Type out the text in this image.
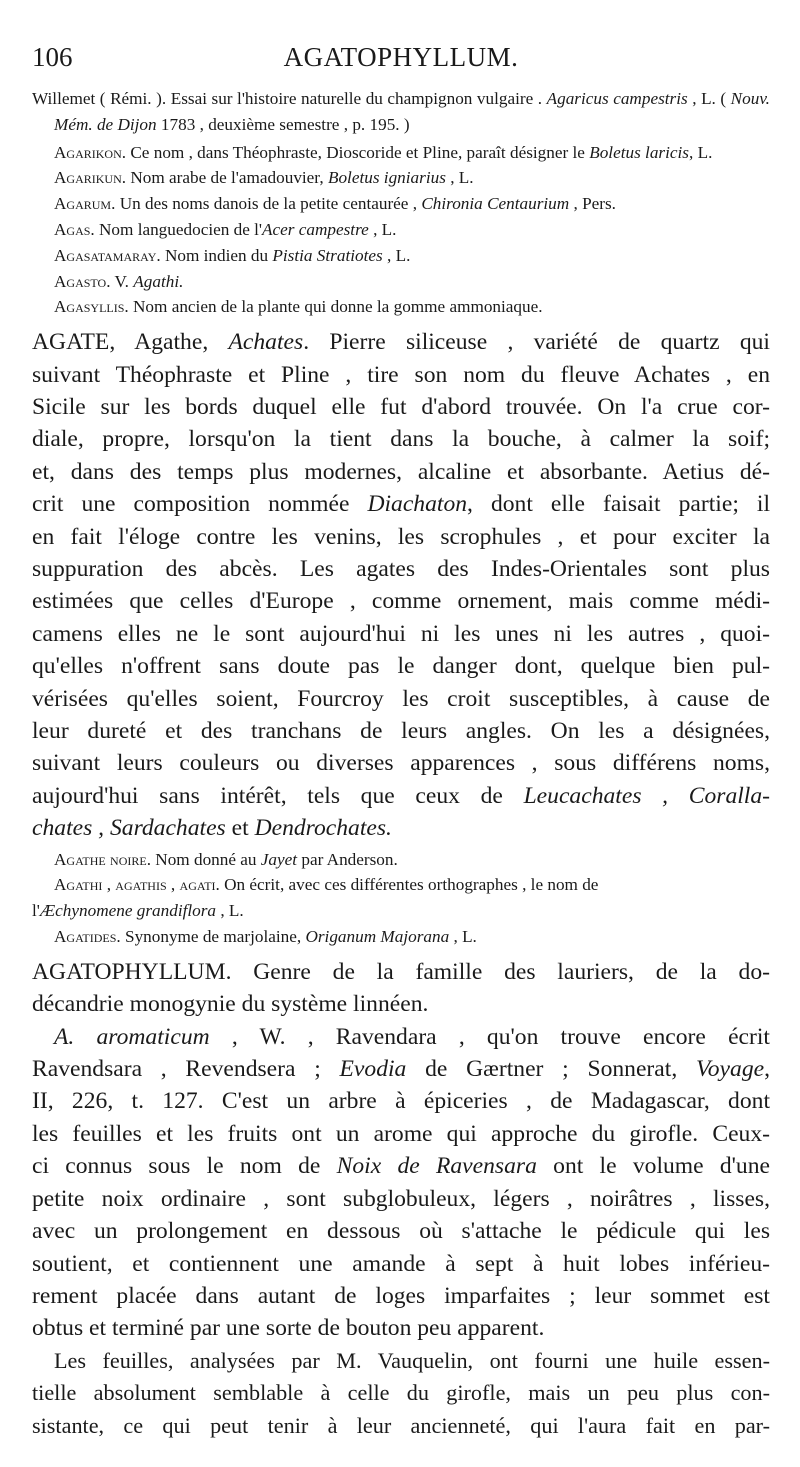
106	AGATOPHYLLUM.

Willemet ( Rémi. ). Essai sur l'histoire naturelle du champignon vulgaire . Agaricus campestris , L. ( Nouv. Mém. de Dijon 1783 , deuxième semestre , p. 195. )

Agarikon. Ce nom , dans Théophraste, Dioscoride et Pline, paraît désigner le Boletus laricis, L.

Agarikun. Nom arabe de l'amadouvier, Boletus igniarius , L.

Agarum. Un des noms danois de la petite centaurée , Chironia Centaurium , Pers.

Agas. Nom languedocien de l'Acer campestre , L.

Agasatamaray. Nom indien du Pistia Stratiotes , L.

Agasto. V. Agathi.

Agasyllis. Nom ancien de la plante qui donne la gomme ammoniaque.

AGATE, Agathe, Achates. Pierre siliceuse , variété de quartz qui
suivant Théophraste et Pline , tire son nom du fleuve Achates , en
Sicile sur les bords duquel elle fut d'abord trouvée. On l'a crue cor-
diale, propre, lorsqu'on la tient dans la bouche, à calmer la soif;
et, dans des temps plus modernes, alcaline et absorbante. Aetius dé-
crit une composition nommée Diachaton, dont elle faisait partie; il
en fait l'éloge contre les venins, les scrophules , et pour exciter la
suppuration des abcès. Les agates des Indes-Orientales sont plus
estimées que celles d'Europe , comme ornement, mais comme médi-
camens elles ne le sont aujourd'hui ni les unes ni les autres , quoi-
qu'elles n'offrent sans doute pas le danger dont, quelque bien pul-
vérisées qu'elles soient, Fourcroy les croit susceptibles, à cause de
leur dureté et des tranchans de leurs angles. On les a désignées,
suivant leurs couleurs ou diverses apparences , sous différens noms,
aujourd'hui sans intérêt, tels que ceux de Leucachates , Coralla-
chates , Sardachates et Dendrochates.

Agathe noire. Nom donné au Jayet par Anderson.

Agathi , agathis , agati. On écrit, avec ces différentes orthographes , le nom de
l'Æchynomene grandiflora , L.

Agatides. Synonyme de marjolaine, Origanum Majorana , L.

AGATOPHYLLUM. Genre de la famille des lauriers, de la do-
décandrie monogynie du système linnéen.
A. aromaticum , W. , Ravendara , qu'on trouve encore écrit
Ravendsara , Revendsera ; Evodia de Gærtner ; Sonnerat, Voyage,
II, 226, t. 127. C'est un arbre à épiceries , de Madagascar, dont
les feuilles et les fruits ont un arome qui approche du girofle. Ceux-
ci connus sous le nom de Noix de Ravensara ont le volume d'une
petite noix ordinaire , sont subglobuleux, légers , noirâtres , lisses,
avec un prolongement en dessous où s'attache le pédicule qui les
soutient, et contiennent une amande à sept à huit lobes inférieu-
rement placée dans autant de loges imparfaites ; leur sommet est
obtus et terminé par une sorte de bouton peu apparent.
Les feuilles, analysées par M. Vauquelin, ont fourni une huile essen-
tielle absolument semblable à celle du girofle, mais un peu plus con-
sistante, ce qui peut tenir à leur ancienneté, qui l'aura fait en par-
